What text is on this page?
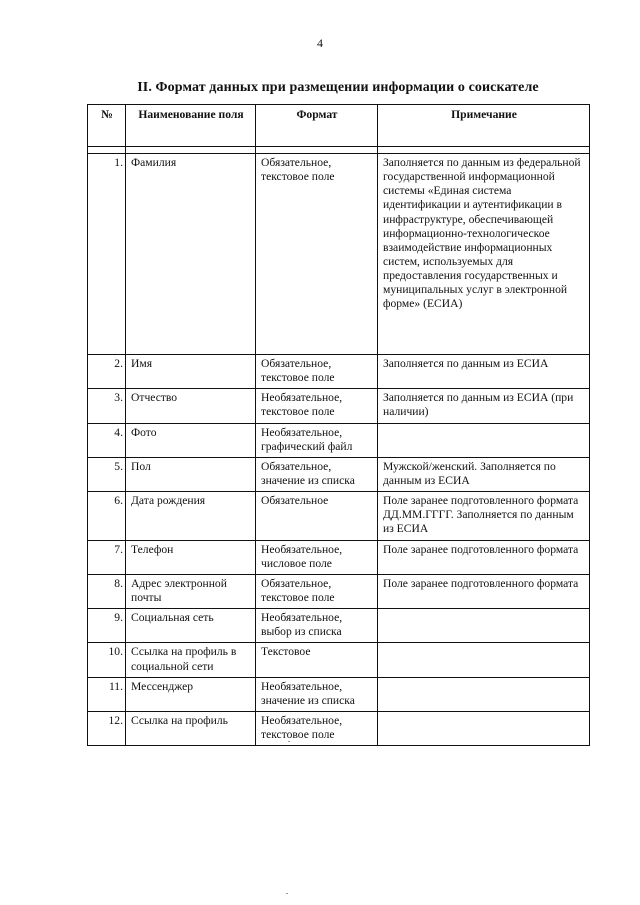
4
II. Формат данных при размещении информации о соискателе
№	Наименование поля	Формат	Примечание

1.	Фамилия	Обязательное, текстовое поле	Заполняется по данным из федеральной государственной информационной системы «Единая система идентификации и аутентификации в инфраструктуре, обеспечивающей информационно-технологическое взаимодействие информационных систем, используемых для предоставления государственных и муниципальных услуг в электронной форме» (ЕСИА)
2.	Имя	Обязательное, текстовое поле	Заполняется по данным из ЕСИА
3.	Отчество	Необязательное, текстовое поле	Заполняется по данным из ЕСИА (при наличии)
4.	Фото	Необязательное, графический файл	
5.	Пол	Обязательное, значение из списка	Мужской/женский. Заполняется по данным из ЕСИА
6.	Дата рождения	Обязательное	Поле заранее подготовленного формата ДД.ММ.ГГГГ. Заполняется по данным из ЕСИА
7.	Телефон	Необязательное, числовое поле	Поле заранее подготовленного формата
8.	Адрес электронной почты	Обязательное, текстовое поле	Поле заранее подготовленного формата
9.	Социальная сеть	Необязательное, выбор из списка	
10.	Ссылка на профиль в социальной сети	Текстовое	
11.	Мессенджер	Необязательное, значение из списка	
12.	Ссылка на профиль	Необязательное, текстовое поле	
